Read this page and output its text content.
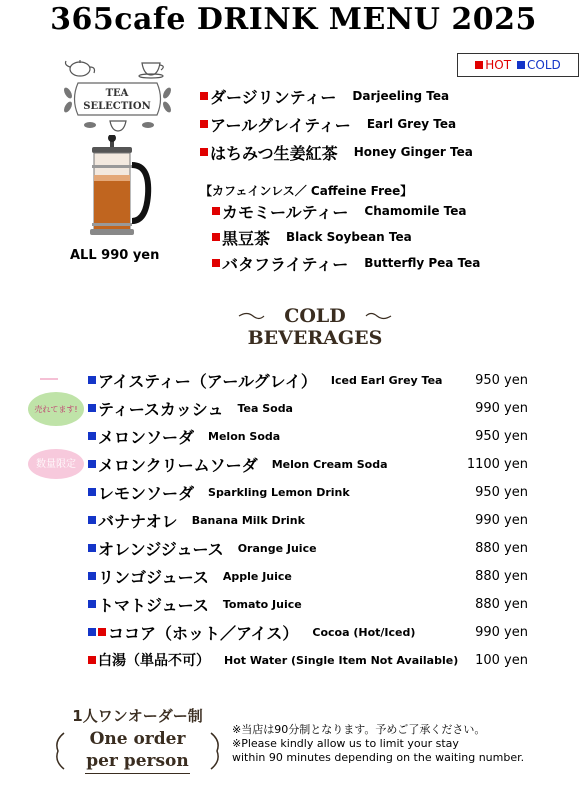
365cafe DRINK MENU 2025
HOT COLD
TEA
SELECTION
ALL 990 yen
ダージリンティー Darjeeling Tea
アールグレイティー Earl Grey Tea
はちみつ生姜紅茶 Honey Ginger Tea
【カフェインレス／ Caffeine Free】
カモミールティー Chamomile Tea
黒豆茶 Black Soybean Tea
バタフライティー Butterfly Pea Tea
COLD
BEVERAGES
売れてます!
数量限定
アイスティー（アールグレイ） Iced Earl Grey Tea	950 yen
ティースカッシュ Tea Soda	990 yen
メロンソーダ Melon Soda	950 yen
メロンクリームソーダ Melon Cream Soda	1100 yen
レモンソーダ Sparkling Lemon Drink	950 yen
バナナオレ Banana Milk Drink	990 yen
オレンジジュース Orange Juice	880 yen
リンゴジュース Apple Juice	880 yen
トマトジュース Tomato Juice	880 yen
ココア（ホット／アイス） Cocoa (Hot/Iced)	990 yen
白湯（単品不可） Hot Water (Single Item Not Available) 100 yen
1人ワンオーダー制
One order
per person
※当店は90分制となります。予めご了承ください。
※Please kindly allow us to limit your stay
within 90 minutes depending on the waiting number.
